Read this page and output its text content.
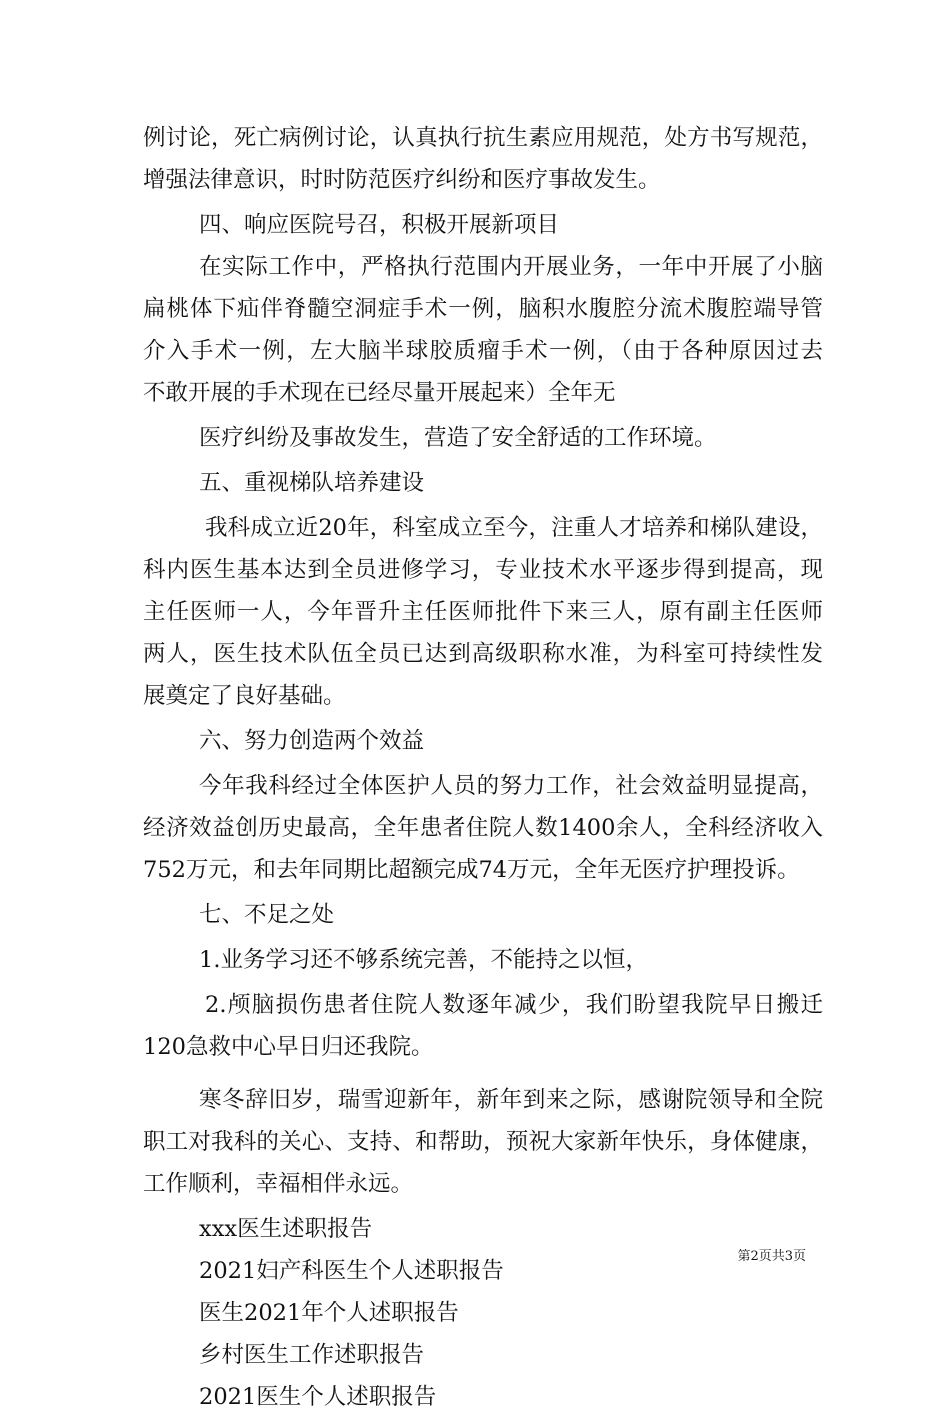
例讨论，死亡病例讨论，认真执行抗生素应用规范，处方书写规范，
增强法律意识，时时防范医疗纠纷和医疗事故发生。
四、响应医院号召，积极开展新项目
在实际工作中，严格执行范围内开展业务，一年中开展了小脑
扁桃体下疝伴脊髓空洞症手术一例，脑积水腹腔分流术腹腔端导管
介入手术一例，左大脑半球胶质瘤手术一例，（由于各种原因过去
不敢开展的手术现在已经尽量开展起来）全年无
医疗纠纷及事故发生，营造了安全舒适的工作环境。
五、重视梯队培养建设
我科成立近20年，科室成立至今，注重人才培养和梯队建设，
科内医生基本达到全员进修学习，专业技术水平逐步得到提高，现
主任医师一人，今年晋升主任医师批件下来三人，原有副主任医师
两人，医生技术队伍全员已达到高级职称水准，为科室可持续性发
展奠定了良好基础。
六、努力创造两个效益
今年我科经过全体医护人员的努力工作，社会效益明显提高，
经济效益创历史最高，全年患者住院人数1400余人，全科经济收入
752万元，和去年同期比超额完成74万元，全年无医疗护理投诉。
七、不足之处
1.业务学习还不够系统完善，不能持之以恒，
2.颅脑损伤患者住院人数逐年减少，我们盼望我院早日搬迁
120急救中心早日归还我院。
寒冬辞旧岁，瑞雪迎新年，新年到来之际，感谢院领导和全院
职工对我科的关心、支持、和帮助，预祝大家新年快乐，身体健康，
工作顺利，幸福相伴永远。
xxx医生述职报告
2021妇产科医生个人述职报告
医生2021年个人述职报告
乡村医生工作述职报告
2021医生个人述职报告
第2页共3页
